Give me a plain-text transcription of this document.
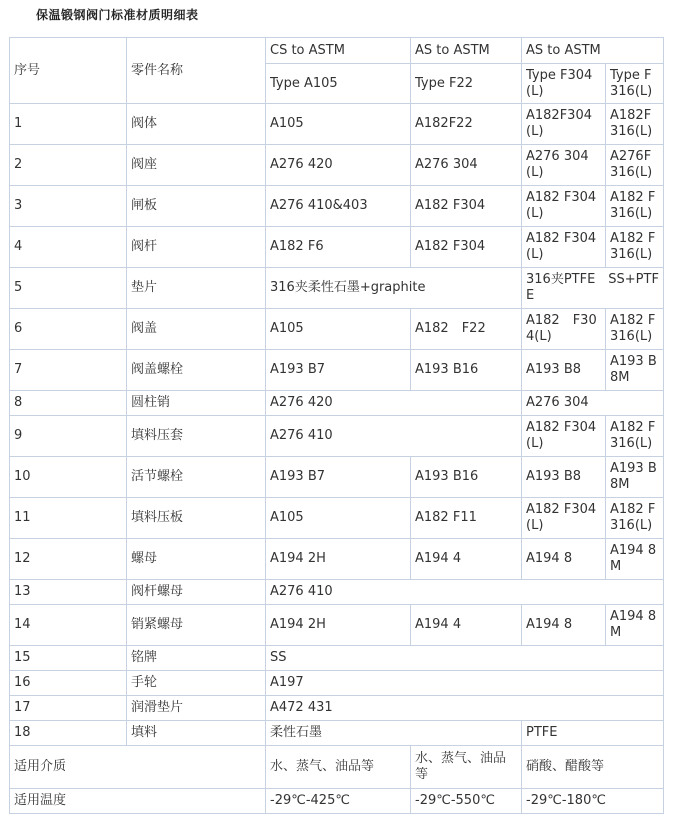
保温锻钢阀门标准材质明细表
序号	零件名称	CS to ASTM	AS to ASTM	AS to ASTM	
		Type A105	Type F22	Type F304(L)	Type F316(L)
1	阀体	A105	A182F22	A182F304(L)	A182F316(L)
2	阀座	A276 420	A276 304	A276 304(L)	A276F316(L)
3	闸板	A276 410&403	A182 F304	A182 F304(L)	A182 F316(L)
4	阀杆	A182 F6	A182 F304	A182 F304(L)	A182 F316(L)
5	垫片	316夹柔性石墨+graphite		316夹PTFE　SS+PTFE	
6	阀盖	A105	A182　F22	A182　F304(L)	A182 F316(L)
7	阀盖螺栓	A193 B7	A193 B16	A193 B8	A193 B8M
8	圆柱销	A276 420		A276 304	
9	填料压套	A276 410		A182 F304(L)	A182 F316(L)
10	活节螺栓	A193 B7	A193 B16	A193 B8	A193 B8M
11	填料压板	A105	A182 F11	A182 F304(L)	A182 F316(L)
12	螺母	A194 2H	A194 4	A194 8	A194 8M
13	阀杆螺母	A276 410			
14	销紧螺母	A194 2H	A194 4	A194 8	A194 8M
15	铭牌	SS			
16	手轮	A197			
17	润滑垫片	A472 431			
18	填料	柔性石墨		PTFE	
适用介质		水、蒸气、油品等	水、蒸气、油品等	硝酸、醋酸等	
适用温度		-29℃-425℃	-29℃-550℃	-29℃-180℃	
